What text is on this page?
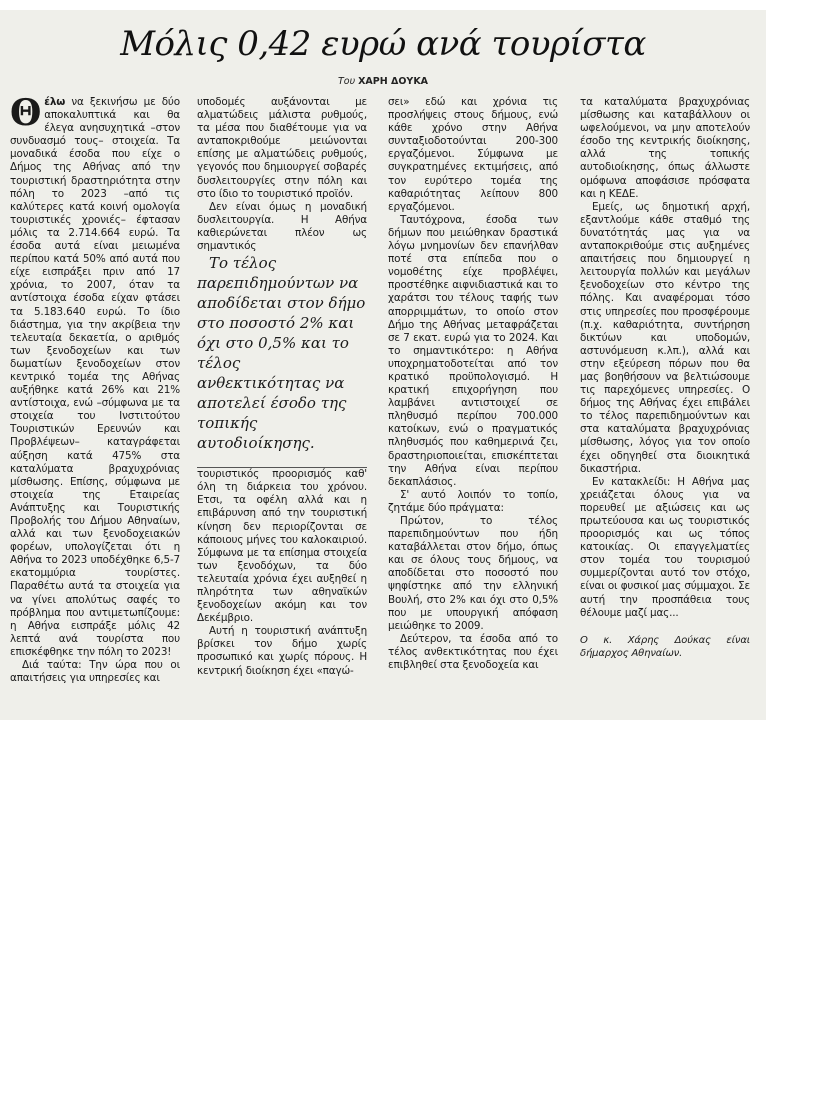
Μόλις 0,42 ευρώ ανά τουρίστα
Του ΧΑΡΗ ΔΟΥΚΑ

Θέλω να ξεκινήσω με δύο αποκαλυπτικά και θα έλεγα ανησυχητικά –στον συνδυασμό τους– στοιχεία. Τα μοναδικά έσοδα που είχε ο Δήμος της Αθήνας από την τουριστική δραστηριότητα στην πόλη το 2023 –από τις καλύτερες κατά κοινή ομολογία τουριστικές χρονιές– έφτασαν μόλις τα 2.714.664 ευρώ. Τα έσοδα αυτά είναι μειωμένα περίπου κατά 50% από αυτά που είχε εισπράξει πριν από 17 χρόνια, το 2007, όταν τα αντίστοιχα έσοδα είχαν φτάσει τα 5.183.640 ευρώ. Το ίδιο διάστημα, για την ακρίβεια την τελευταία δεκαετία, ο αριθμός των ξενοδοχείων και των δωματίων ξενοδοχείων στον κεντρικό τομέα της Αθήνας αυξήθηκε κατά 26% και 21% αντίστοιχα, ενώ –σύμφωνα με τα στοιχεία του Ινστιτούτου Τουριστικών Ερευνών και Προβλέψεων– καταγράφεται αύξηση κατά 475% στα καταλύματα βραχυχρόνιας μίσθωσης. Επίσης, σύμφωνα με στοιχεία της Εταιρείας Ανάπτυξης και Τουριστικής Προβολής του Δήμου Αθηναίων, αλλά και των ξενοδοχειακών φορέων, υπολογίζεται ότι η Αθήνα το 2023 υποδέχθηκε 6,5-7 εκατομμύρια τουρίστες. Παραθέτω αυτά τα στοιχεία για να γίνει απολύτως σαφές το πρόβλημα που αντιμετωπίζουμε: η Αθήνα εισπράξε μόλις 42 λεπτά ανά τουρίστα που επισκέφθηκε την πόλη το 2023!

Διά ταύτα: Την ώρα που οι απαιτήσεις για υπηρεσίες και

υποδομές αυξάνονται με αλματώδεις μάλιστα ρυθμούς, τα μέσα που διαθέτουμε για να ανταποκριθούμε μειώνονται επίσης με αλματώδεις ρυθμούς, γεγονός που δημιουργεί σοβαρές δυσλειτουργίες στην πόλη και στο ίδιο το τουριστικό προϊόν.

Δεν είναι όμως η μοναδική δυσλειτουργία. Η Αθήνα καθιερώνεται πλέον ως σημαντικός

Το τέλος παρεπιδημούντων να αποδίδεται στον δήμο στο ποσοστό 2% και όχι στο 0,5% και το τέλος ανθεκτικότητας να αποτελεί έσοδο της τοπικής αυτοδιοίκησης.

τουριστικός προορισμός καθ' όλη τη διάρκεια του χρόνου. Ετσι, τα οφέλη αλλά και η επιβάρυνση από την τουριστική κίνηση δεν περιορίζονται σε κάποιους μήνες του καλοκαιριού. Σύμφωνα με τα επίσημα στοιχεία των ξενοδόχων, τα δύο τελευταία χρόνια έχει αυξηθεί η πληρότητα των αθηναϊκών ξενοδοχείων ακόμη και τον Δεκέμβριο.

Αυτή η τουριστική ανάπτυξη βρίσκει τον δήμο χωρίς προσωπικό και χωρίς πόρους. Η κεντρική διοίκηση έχει «παγώ-

σει» εδώ και χρόνια τις προσλήψεις στους δήμους, ενώ κάθε χρόνο στην Αθήνα συνταξιοδοτούνται 200-300 εργαζόμενοι. Σύμφωνα με συγκρατημένες εκτιμήσεις, από τον ευρύτερο τομέα της καθαριότητας λείπουν 800 εργαζόμενοι.

Ταυτόχρονα, έσοδα των δήμων που μειώθηκαν δραστικά λόγω μνημονίων δεν επανήλθαν ποτέ στα επίπεδα που ο νομοθέτης είχε προβλέψει, προστέθηκε αιφνιδιαστικά και το χαράτσι του τέλους ταφής των απορριμμάτων, το οποίο στον Δήμο της Αθήνας μεταφράζεται σε 7 εκατ. ευρώ για το 2024. Και το σημαντικότερο: η Αθήνα υποχρηματοδοτείται από τον κρατικό προϋπολογισμό. Η κρατική επιχορήγηση που λαμβάνει αντιστοιχεί σε πληθυσμό περίπου 700.000 κατοίκων, ενώ ο πραγματικός πληθυσμός που καθημερινά ζει, δραστηριοποιείται, επισκέπτεται την Αθήνα είναι περίπου δεκαπλάσιος.

Σ' αυτό λοιπόν το τοπίο, ζητάμε δύο πράγματα:

Πρώτον, το τέλος παρεπιδημούντων που ήδη καταβάλλεται στον δήμο, όπως και σε όλους τους δήμους, να αποδίδεται στο ποσοστό που ψηφίστηκε από την ελληνική Βουλή, στο 2% και όχι στο 0,5% που με υπουργική απόφαση μειώθηκε το 2009.

Δεύτερον, τα έσοδα από το τέλος ανθεκτικότητας που έχει επιβληθεί στα ξενοδοχεία και

τα καταλύματα βραχυχρόνιας μίσθωσης και καταβάλλουν οι ωφελούμενοι, να μην αποτελούν έσοδο της κεντρικής διοίκησης, αλλά της τοπικής αυτοδιοίκησης, όπως άλλωστε ομόφωνα αποφάσισε πρόσφατα και η ΚΕΔΕ.

Εμείς, ως δημοτική αρχή, εξαντλούμε κάθε σταθμό της δυνατότητάς μας για να ανταποκριθούμε στις αυξημένες απαιτήσεις που δημιουργεί η λειτουργία πολλών και μεγάλων ξενοδοχείων στο κέντρο της πόλης. Και αναφέρομαι τόσο στις υπηρεσίες που προσφέρουμε (π.χ. καθαριότητα, συντήρηση δικτύων και υποδομών, αστυνόμευση κ.λπ.), αλλά και στην εξεύρεση πόρων που θα μας βοηθήσουν να βελτιώσουμε τις παρεχόμενες υπηρεσίες. Ο δήμος της Αθήνας έχει επιβάλει το τέλος παρεπιδημούντων και στα καταλύματα βραχυχρόνιας μίσθωσης, λόγος για τον οποίο έχει οδηγηθεί στα διοικητικά δικαστήρια.

Εν κατακλείδι: Η Αθήνα μας χρειάζεται όλους για να πορευθεί με αξιώσεις και ως πρωτεύουσα και ως τουριστικός προορισμός και ως τόπος κατοικίας. Οι επαγγελματίες στον τομέα του τουρισμού συμμερίζονται αυτό τον στόχο, είναι οι φυσικοί μας σύμμαχοι. Σε αυτή την προσπάθεια τους θέλουμε μαζί μας...

Ο κ. Χάρης Δούκας είναι δήμαρχος Αθηναίων.
